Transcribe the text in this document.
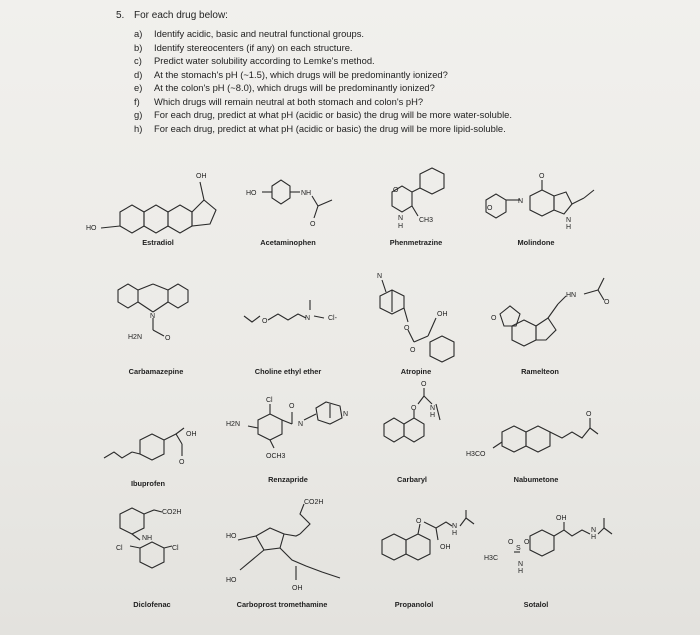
5. For each drug below:
a)	Identify acidic, basic and neutral functional groups.
b)	Identify stereocenters (if any) on each structure.
c)	Predict water solubility according to Lemke's method.
d)	At the stomach's pH (~1.5), which drugs will be predominantly ionized?
e)	At the colon's pH (~8.0), which drugs will be predominantly ionized?
f)	Which drugs will remain neutral at both stomach and colon's pH?
g)	For each drug, predict at what pH (acidic or basic) the drug will be more water-soluble.
h)	For each drug, predict at what pH (acidic or basic) the drug will be more lipid-soluble.
HO
OH
HO	NH
O
O
N
H
CH3
O
N
O
N
H
N
H2N	O
O	N	Cl-
N
O
O
OH
O
HN
O
OH
O
Cl
H2N
OCH3
O
N
N
O
O
N
H
H3CO
O
CO2H
NH
Cl	Cl
CO2H
HO
HO
OH
O
OH
N
H
H3C
O
S
O
N
H
OH
N
H
Estradiol	Acetaminophen	Phenmetrazine	Molindone
Carbamazepine	Choline ethyl ether	Atropine	Ramelteon
Ibuprofen	Renzapride	Carbaryl	Nabumetone
Diclofenac	Carboprost tromethamine	Propanolol	Sotalol
